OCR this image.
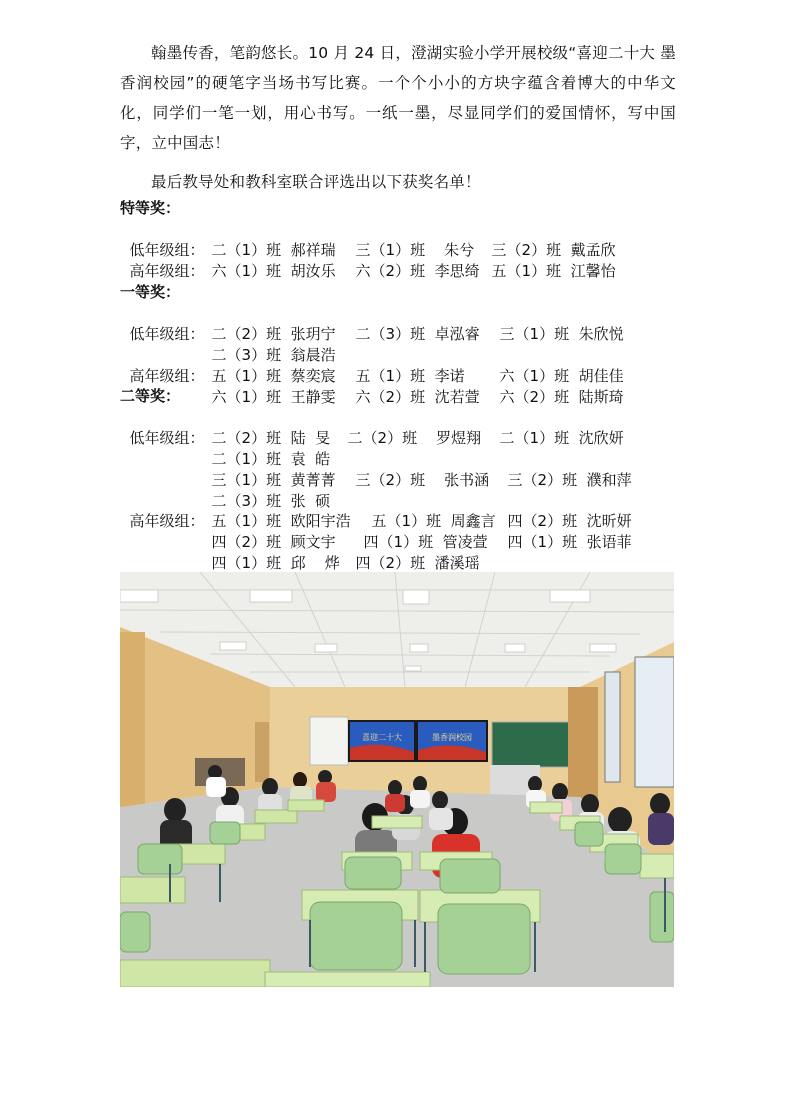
翰墨传香，笔韵悠长。10 月 24 日，澄湖实验小学开展校级“喜迎二十大 墨香润校园”的硬笔字当场书写比赛。一个个小小的方块字蕴含着博大的中华文化，同学们一笔一划，用心书写。一纸一墨，尽显同学们的爱国情怀，写中国字，立中国志！

最后教导处和教科室联合评选出以下获奖名单！

特等奖：

低年级组： 二（1）班  郝祥瑞 三（1）班    朱兮 三（2）班  戴孟欣

高年级组： 六（1）班  胡汝乐 六（2）班  李思绮 五（1）班  江馨怡

一等奖：

低年级组： 二（2）班  张玥宁 二（3）班  卓泓睿 三（1）班  朱欣悦

二（3）班  翁晨浩

高年级组： 五（1）班  蔡奕宸 五（1）班  李诺 六（1）班  胡佳佳

六（1）班  王静雯 六（2）班  沈若萱 六（2）班  陆斯琦

二等奖：

低年级组： 二（2）班  陆  旻 二（2）班    罗煜翔 二（1）班  沈欣妍

二（1）班  袁  皓

三（1）班  黄菁菁 三（2）班    张书涵 三（2）班  濮和萍

二（3）班  张  硕

高年级组： 五（1）班  欧阳宇浩 五（1）班  周鑫言 四（2）班  沈昕妍

四（2）班  顾文宇 四（1）班  管凌萱 四（1）班  张语菲

四（1）班  邱    烨 四（2）班  潘溪瑶

喜迎二十大	墨香润校园
